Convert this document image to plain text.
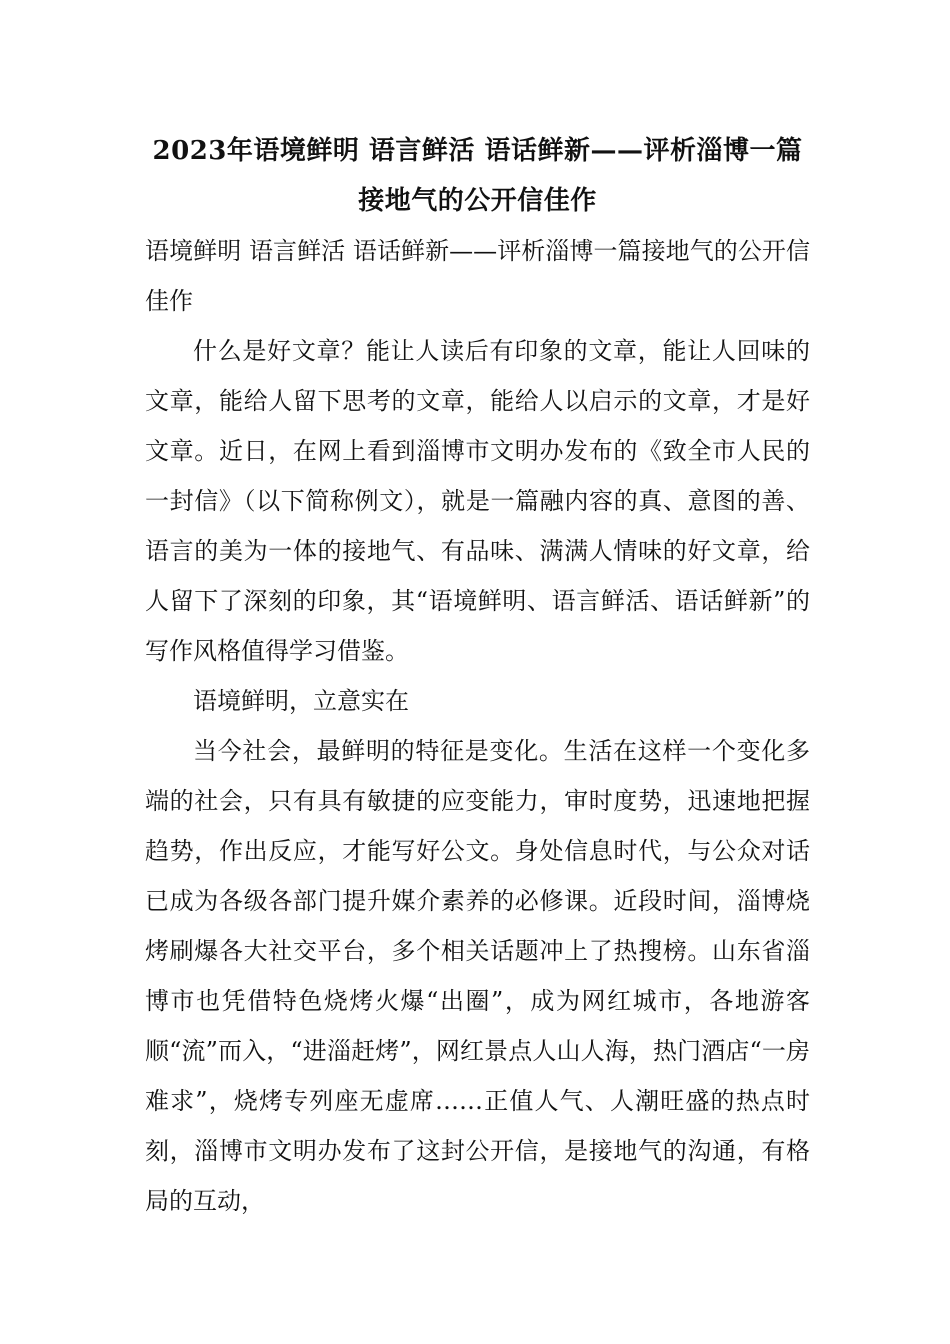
2023年语境鲜明 语言鲜活 语话鲜新——评析淄博一篇接地气的公开信佳作

语境鲜明 语言鲜活 语话鲜新——评析淄博一篇接地气的公开信佳作

什么是好文章？能让人读后有印象的文章，能让人回味的文章，能给人留下思考的文章，能给人以启示的文章，才是好文章。近日，在网上看到淄博市文明办发布的《致全市人民的一封信》（以下简称例文），就是一篇融内容的真、意图的善、语言的美为一体的接地气、有品味、满满人情味的好文章，给人留下了深刻的印象，其“语境鲜明、语言鲜活、语话鲜新”的写作风格值得学习借鉴。

语境鲜明，立意实在

当今社会，最鲜明的特征是变化。生活在这样一个变化多端的社会，只有具有敏捷的应变能力，审时度势，迅速地把握趋势，作出反应，才能写好公文。身处信息时代，与公众对话已成为各级各部门提升媒介素养的必修课。近段时间，淄博烧烤刷爆各大社交平台，多个相关话题冲上了热搜榜。山东省淄博市也凭借特色烧烤火爆“出圈”，成为网红城市，各地游客顺“流”而入，“进淄赶烤”，网红景点人山人海，热门酒店“一房难求”，烧烤专列座无虚席……正值人气、人潮旺盛的热点时刻，淄博市文明办发布了这封公开信，是接地气的沟通，有格局的互动，
